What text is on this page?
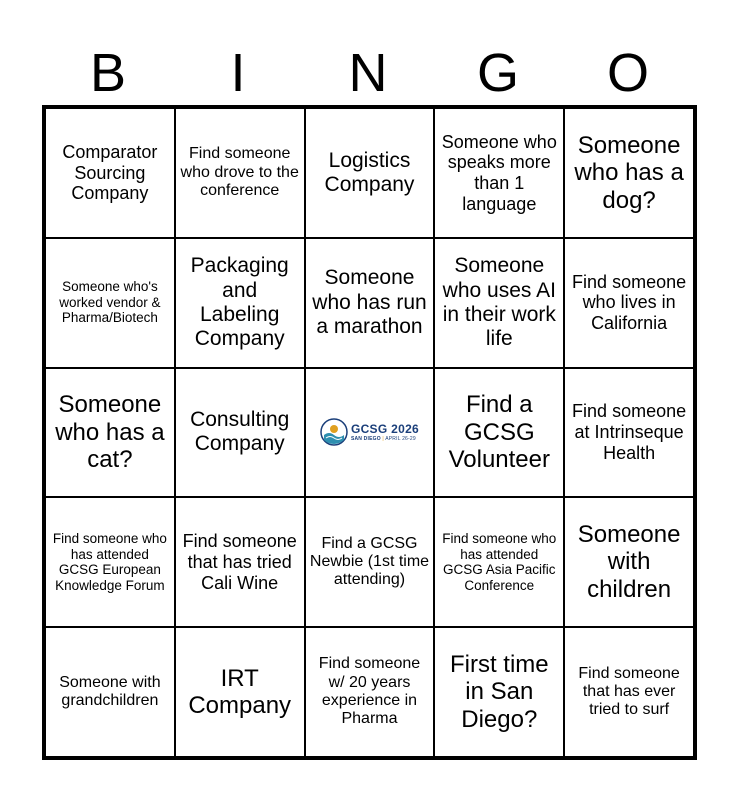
B	I	N	G	O
Comparator Sourcing Company
Find someone who drove to the conference
Logistics Company
Someone who speaks more than 1 language
Someone who has a dog?
Someone who's worked vendor & Pharma/Biotech
Packaging and Labeling Company
Someone who has run a marathon
Someone who uses AI in their work life
Find someone who lives in California
Someone who has a cat?
Consulting Company
GCSG 2026
SAN DIEGO | APRIL 26-29
Find a GCSG Volunteer
Find someone at Intrinseque Health
Find someone who has attended GCSG European Knowledge Forum
Find someone that has tried Cali Wine
Find a GCSG Newbie (1st time attending)
Find someone who has attended GCSG Asia Pacific Conference
Someone with children
Someone with grandchildren
IRT Company
Find someone w/ 20 years experience in Pharma
First time in San Diego?
Find someone that has ever tried to surf
